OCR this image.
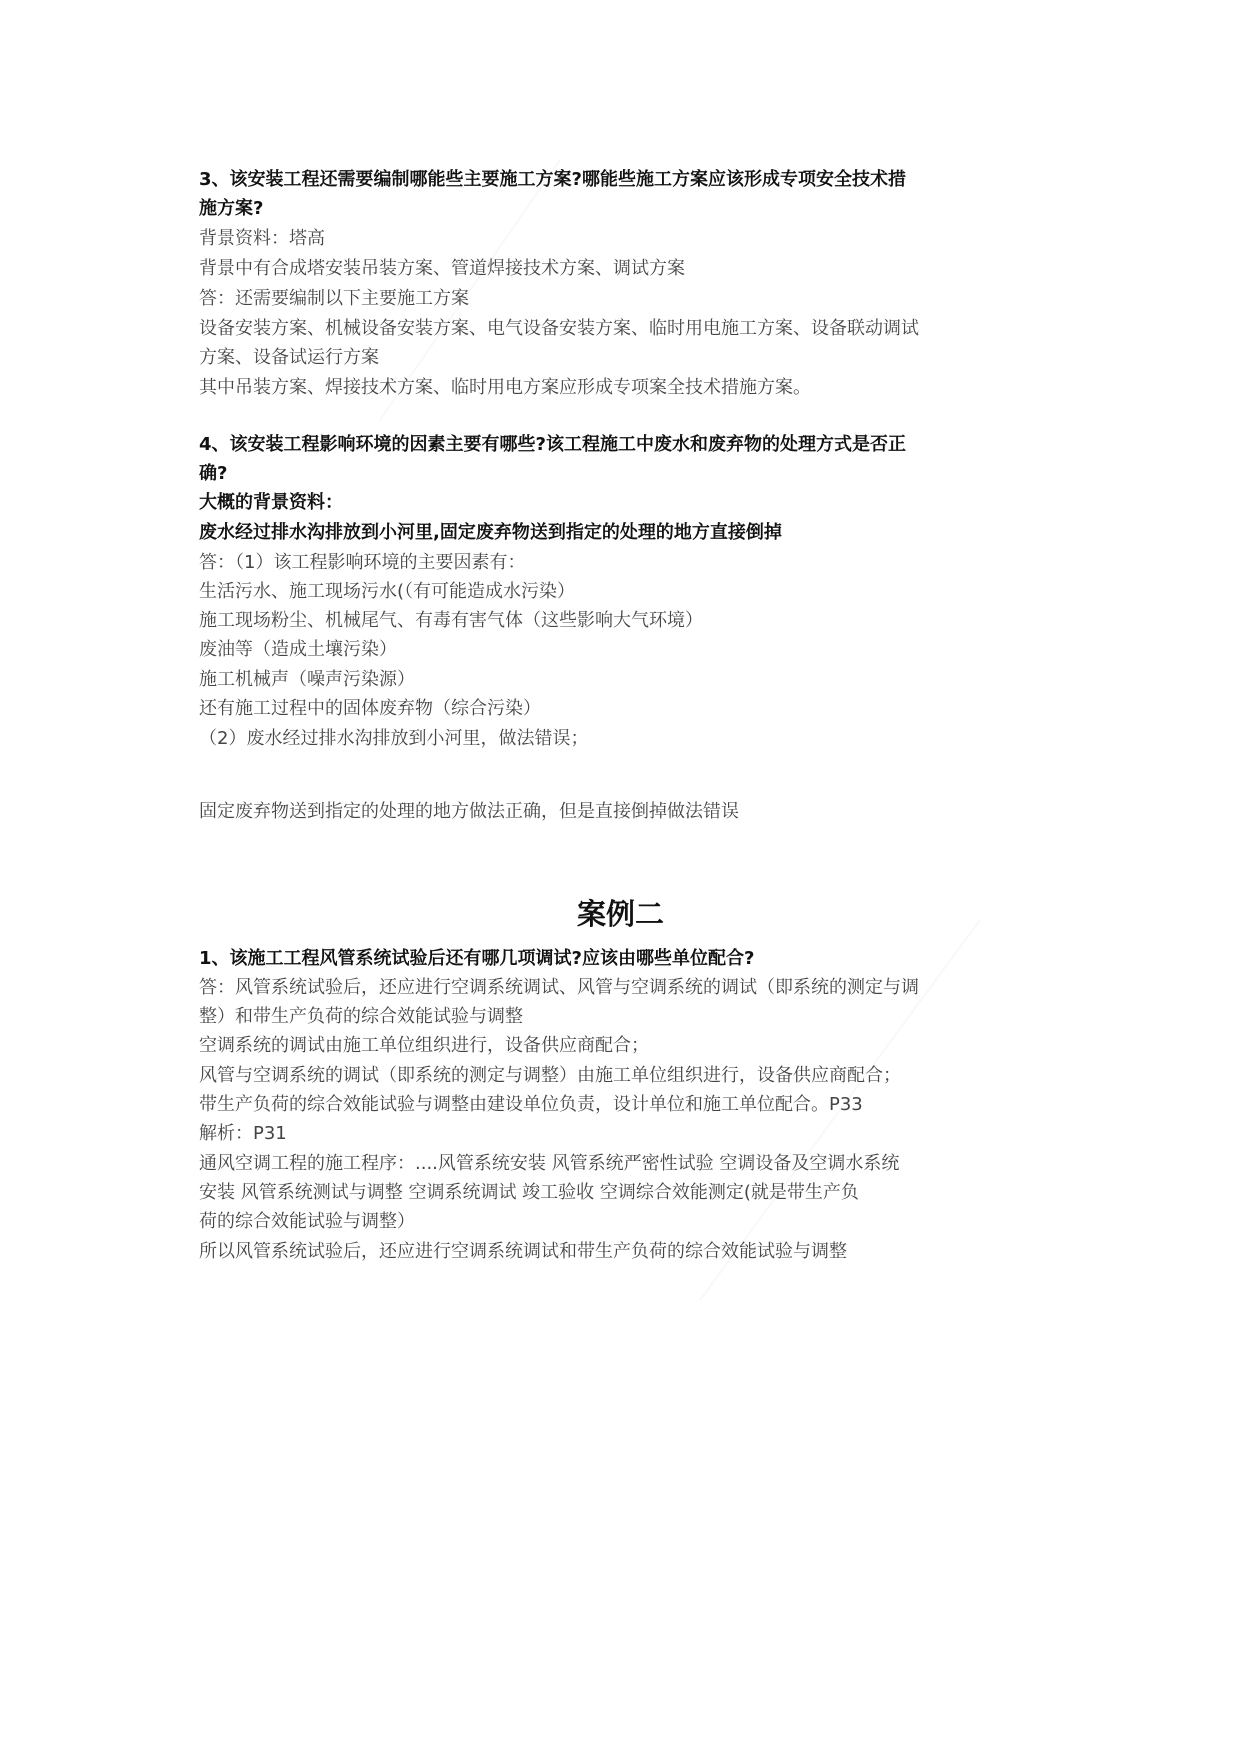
3、该安装工程还需要编制哪能些主要施工方案?哪能些施工方案应该形成专项安全技术措
施方案?
背景资料：塔高
背景中有合成塔安装吊装方案、管道焊接技术方案、调试方案
答：还需要编制以下主要施工方案
设备安装方案、机械设备安装方案、电气设备安装方案、临时用电施工方案、设备联动调试
方案、设备试运行方案
其中吊装方案、焊接技术方案、临时用电方案应形成专项案全技术措施方案。
4、该安装工程影响环境的因素主要有哪些?该工程施工中废水和废弃物的处理方式是否正
确?
大概的背景资料：
废水经过排水沟排放到小河里,固定废弃物送到指定的处理的地方直接倒掉
答：（1）该工程影响环境的主要因素有：
生活污水、施工现场污水(（有可能造成水污染）
施工现场粉尘、机械尾气、有毒有害气体（这些影响大气环境）
废油等（造成土壤污染）
施工机械声（噪声污染源）
还有施工过程中的固体废弃物（综合污染）
（2）废水经过排水沟排放到小河里，做法错误；
固定废弃物送到指定的处理的地方做法正确，但是直接倒掉做法错误
案例二
1、该施工工程风管系统试验后还有哪几项调试?应该由哪些单位配合?
答：风管系统试验后，还应进行空调系统调试、风管与空调系统的调试（即系统的测定与调
整）和带生产负荷的综合效能试验与调整
空调系统的调试由施工单位组织进行，设备供应商配合；
风管与空调系统的调试（即系统的测定与调整）由施工单位组织进行，设备供应商配合；
带生产负荷的综合效能试验与调整由建设单位负责，设计单位和施工单位配合。P33
解析：P31
通风空调工程的施工程序：....风管系统安装 风管系统严密性试验 空调设备及空调水系统
安装 风管系统测试与调整 空调系统调试 竣工验收 空调综合效能测定(就是带生产负
荷的综合效能试验与调整）
所以风管系统试验后，还应进行空调系统调试和带生产负荷的综合效能试验与调整
